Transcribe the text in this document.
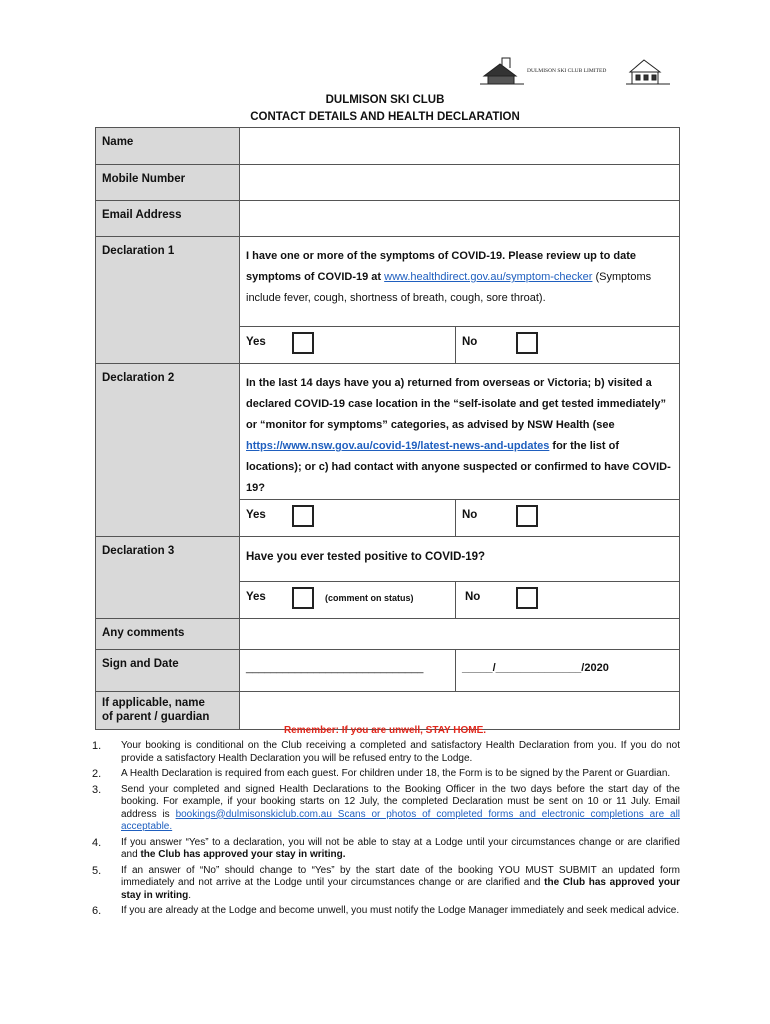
DULMISON SKI CLUB LIMITED
DULMISON SKI CLUB
CONTACT DETAILS AND HEALTH DECLARATION
Name		
Mobile Number		
Email Address		
Declaration 1	I have one or more of the symptoms of COVID-19. Please review up to date symptoms of COVID-19 at www.healthdirect.gov.au/symptom-checker (Symptoms include fever, cough, shortness of breath, cough, sore throat).	

	Yes	No

Declaration 2	In the last 14 days have you a) returned from overseas or Victoria; b) visited a declared COVID-19 case location in the “self-isolate and get tested immediately” or “monitor for symptoms” categories, as advised by NSW Health (see https://www.nsw.gov.au/covid-19/latest-news-and-updates for the list of locations); or c) had contact with anyone suspected or confirmed to have COVID-19?	

	Yes	No

Declaration 3	Have you ever tested positive to COVID-19?	

	Yes (comment on status)	No

Any comments		
Sign and Date	_____________________________	_____/______________/2020

If applicable, name
of parent / guardian		

Remember: If you are unwell, STAY HOME.
1. Your booking is conditional on the Club receiving a completed and satisfactory Health Declaration from you. If you do not provide a satisfactory Health Declaration you will be refused entry to the Lodge.
2. A Health Declaration is required from each guest. For children under 18, the Form is to be signed by the Parent or Guardian.
3. Send your completed and signed Health Declarations to the Booking Officer in the two days before the start day of the booking. For example, if your booking starts on 12 July, the completed Declaration must be sent on 10 or 11 July. Email address is bookings@dulmisonskiclub.com.au Scans or photos of completed forms and electronic completions are all acceptable.
4. If you answer “Yes” to a declaration, you will not be able to stay at a Lodge until your circumstances change or are clarified and the Club has approved your stay in writing.
5. If an answer of “No” should change to “Yes” by the start date of the booking YOU MUST SUBMIT an updated form immediately and not arrive at the Lodge until your circumstances change or are clarified and the Club has approved your stay in writing.
6. If you are already at the Lodge and become unwell, you must notify the Lodge Manager immediately and seek medical advice.
